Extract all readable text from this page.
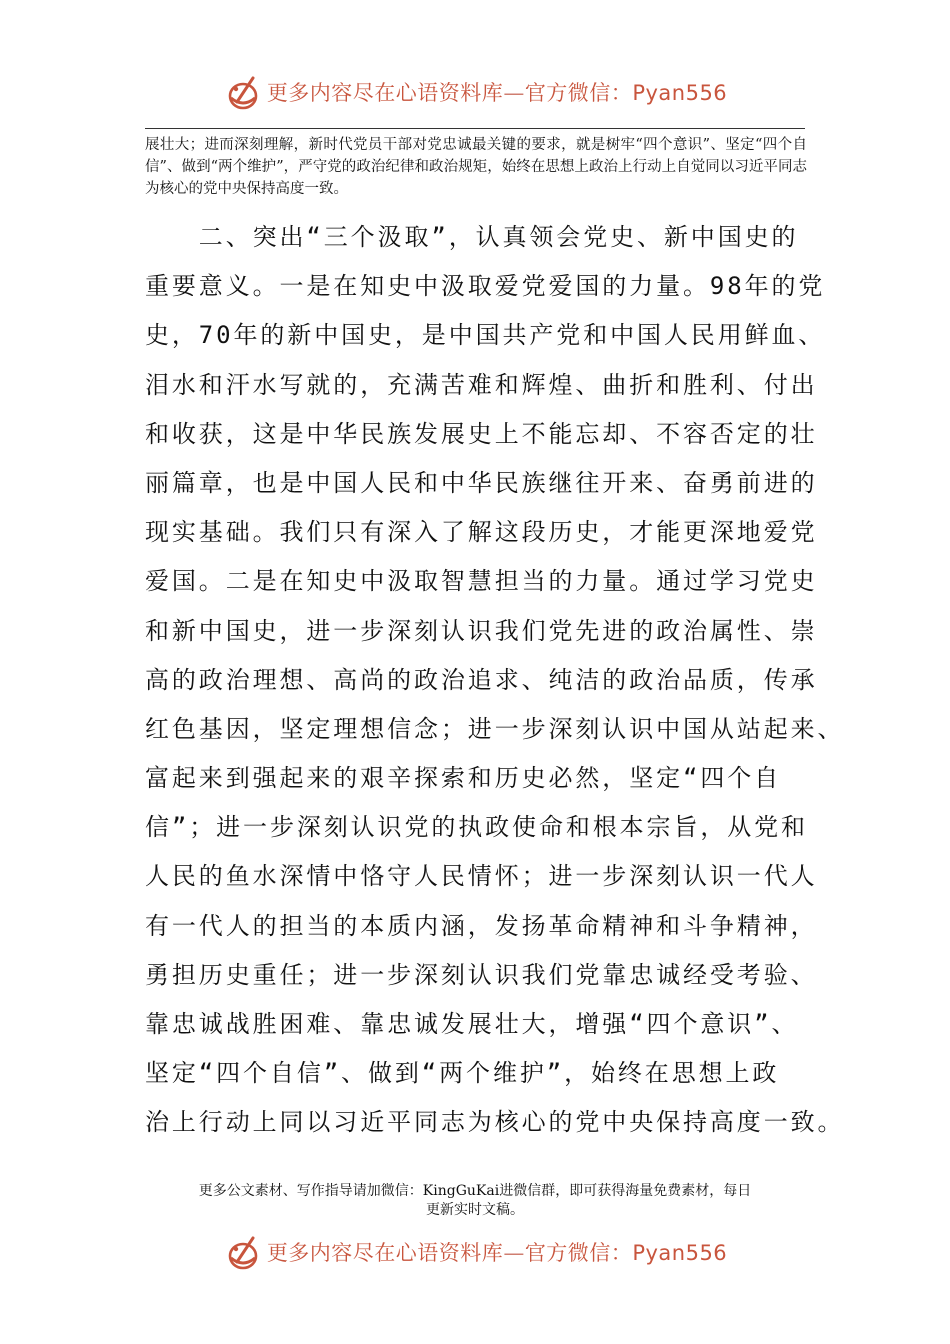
更多内容尽在心语资料库—官方微信：Pyan556

展壮大；进而深刻理解，新时代党员干部对党忠诚最关键的要求，就是树牢“四个意识”、坚定“四个自信”、做到“两个维护”，严守党的政治纪律和政治规矩，始终在思想上政治上行动上自觉同以习近平同志为核心的党中央保持高度一致。

　　二、突出“三个汲取”，认真领会党史、新中国史的
重要意义。一是在知史中汲取爱党爱国的力量。98年的党
史，70年的新中国史，是中国共产党和中国人民用鲜血、
泪水和汗水写就的，充满苦难和辉煌、曲折和胜利、付出
和收获，这是中华民族发展史上不能忘却、不容否定的壮
丽篇章，也是中国人民和中华民族继往开来、奋勇前进的
现实基础。我们只有深入了解这段历史，才能更深地爱党
爱国。二是在知史中汲取智慧担当的力量。通过学习党史
和新中国史，进一步深刻认识我们党先进的政治属性、崇
高的政治理想、高尚的政治追求、纯洁的政治品质，传承
红色基因，坚定理想信念；进一步深刻认识中国从站起来、
富起来到强起来的艰辛探索和历史必然，坚定“四个自
信”；进一步深刻认识党的执政使命和根本宗旨，从党和
人民的鱼水深情中恪守人民情怀；进一步深刻认识一代人
有一代人的担当的本质内涵，发扬革命精神和斗争精神，
勇担历史重任；进一步深刻认识我们党靠忠诚经受考验、
靠忠诚战胜困难、靠忠诚发展壮大，增强“四个意识”、
坚定“四个自信”、做到“两个维护”，始终在思想上政
治上行动上同以习近平同志为核心的党中央保持高度一致。

更多公文素材、写作指导请加微信：KingGuKai进微信群，即可获得海量免费素材，每日
更新实时文稿。

更多内容尽在心语资料库—官方微信：Pyan556
